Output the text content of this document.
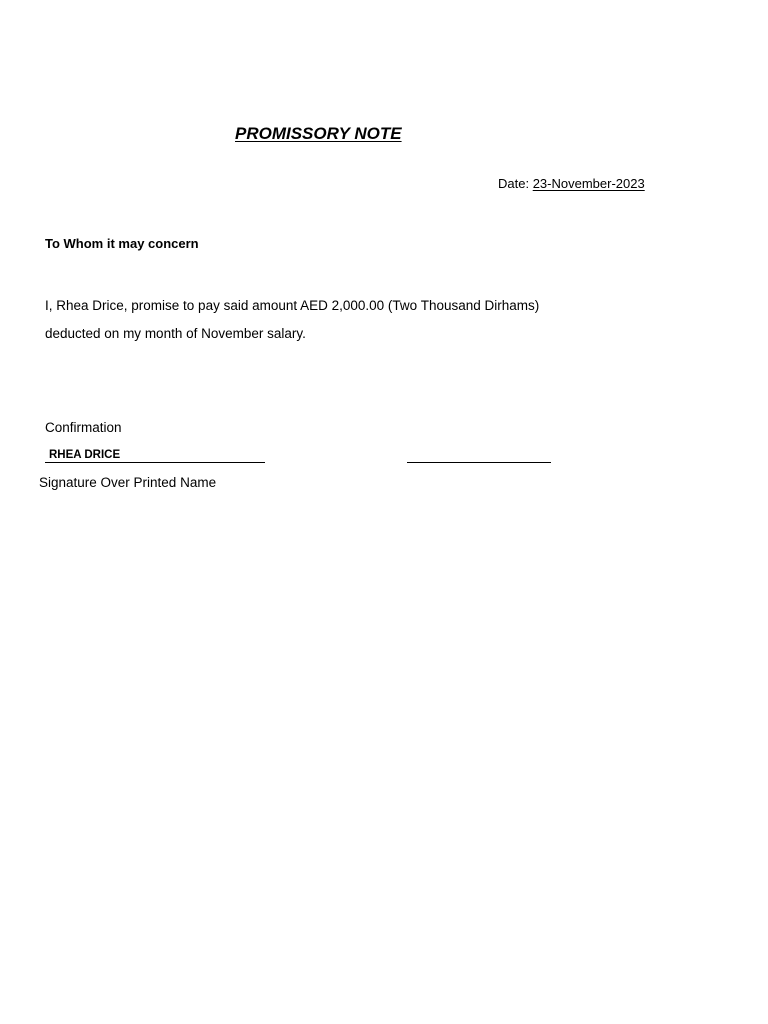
PROMISSORY NOTE
Date: 23-November-2023
To Whom it may concern
I, Rhea Drice, promise to pay said amount AED 2,000.00 (Two Thousand Dirhams)
deducted on my month of November salary.
Confirmation
RHEA DRICE
Signature Over Printed Name
